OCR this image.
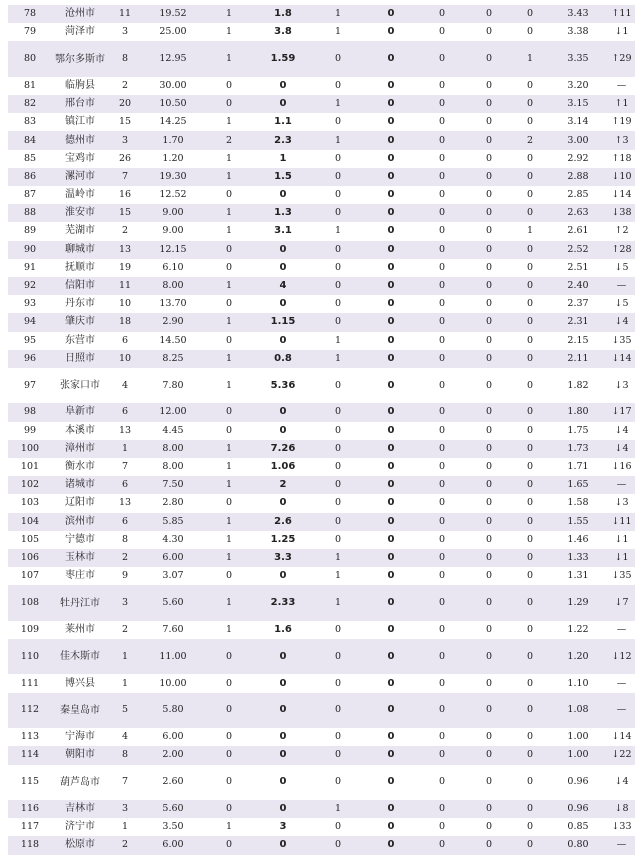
78	沧州市	11	19.52	1	1.8	1	0	0	0	0	3.43	↑11
79	菏泽市	3	25.00	1	3.8	1	0	0	0	0	3.38	↓1
80	鄂尔多斯市	8	12.95	1	1.59	0	0	0	0	1	3.35	↑29
81	临朐县	2	30.00	0	0	0	0	0	0	0	3.20	—
82	邢台市	20	10.50	0	0	1	0	0	0	0	3.15	↑1
83	镇江市	15	14.25	1	1.1	0	0	0	0	0	3.14	↑19
84	德州市	3	1.70	2	2.3	1	0	0	0	2	3.00	↑3
85	宝鸡市	26	1.20	1	1	0	0	0	0	0	2.92	↑18
86	漯河市	7	19.30	1	1.5	0	0	0	0	0	2.88	↓10
87	温岭市	16	12.52	0	0	0	0	0	0	0	2.85	↓14
88	淮安市	15	9.00	1	1.3	0	0	0	0	0	2.63	↓38
89	芜湖市	2	9.00	1	3.1	1	0	0	0	1	2.61	↑2
90	聊城市	13	12.15	0	0	0	0	0	0	0	2.52	↑28
91	抚顺市	19	6.10	0	0	0	0	0	0	0	2.51	↓5
92	信阳市	11	8.00	1	4	0	0	0	0	0	2.40	—
93	丹东市	10	13.70	0	0	0	0	0	0	0	2.37	↓5
94	肇庆市	18	2.90	1	1.15	0	0	0	0	0	2.31	↓4
95	东营市	6	14.50	0	0	1	0	0	0	0	2.15	↓35
96	日照市	10	8.25	1	0.8	1	0	0	0	0	2.11	↓14
97	张家口市	4	7.80	1	5.36	0	0	0	0	0	1.82	↓3
98	阜新市	6	12.00	0	0	0	0	0	0	0	1.80	↓17
99	本溪市	13	4.45	0	0	0	0	0	0	0	1.75	↓4
100	漳州市	1	8.00	1	7.26	0	0	0	0	0	1.73	↓4
101	衡水市	7	8.00	1	1.06	0	0	0	0	0	1.71	↓16
102	诸城市	6	7.50	1	2	0	0	0	0	0	1.65	—
103	辽阳市	13	2.80	0	0	0	0	0	0	0	1.58	↓3
104	滨州市	6	5.85	1	2.6	0	0	0	0	0	1.55	↓11
105	宁德市	8	4.30	1	1.25	0	0	0	0	0	1.46	↓1
106	玉林市	2	6.00	1	3.3	1	0	0	0	0	1.33	↓1
107	枣庄市	9	3.07	0	0	1	0	0	0	0	1.31	↓35
108	牡丹江市	3	5.60	1	2.33	1	0	0	0	0	1.29	↓7
109	莱州市	2	7.60	1	1.6	0	0	0	0	0	1.22	—
110	佳木斯市	1	11.00	0	0	0	0	0	0	0	1.20	↓12
111	博兴县	1	10.00	0	0	0	0	0	0	0	1.10	—
112	秦皇岛市	5	5.80	0	0	0	0	0	0	0	1.08	—
113	宁海市	4	6.00	0	0	0	0	0	0	0	1.00	↓14
114	朝阳市	8	2.00	0	0	0	0	0	0	0	1.00	↓22
115	葫芦岛市	7	2.60	0	0	0	0	0	0	0	0.96	↓4
116	吉林市	3	5.60	0	0	1	0	0	0	0	0.96	↓8
117	济宁市	1	3.50	1	3	0	0	0	0	0	0.85	↓33
118	松原市	2	6.00	0	0	0	0	0	0	0	0.80	—
